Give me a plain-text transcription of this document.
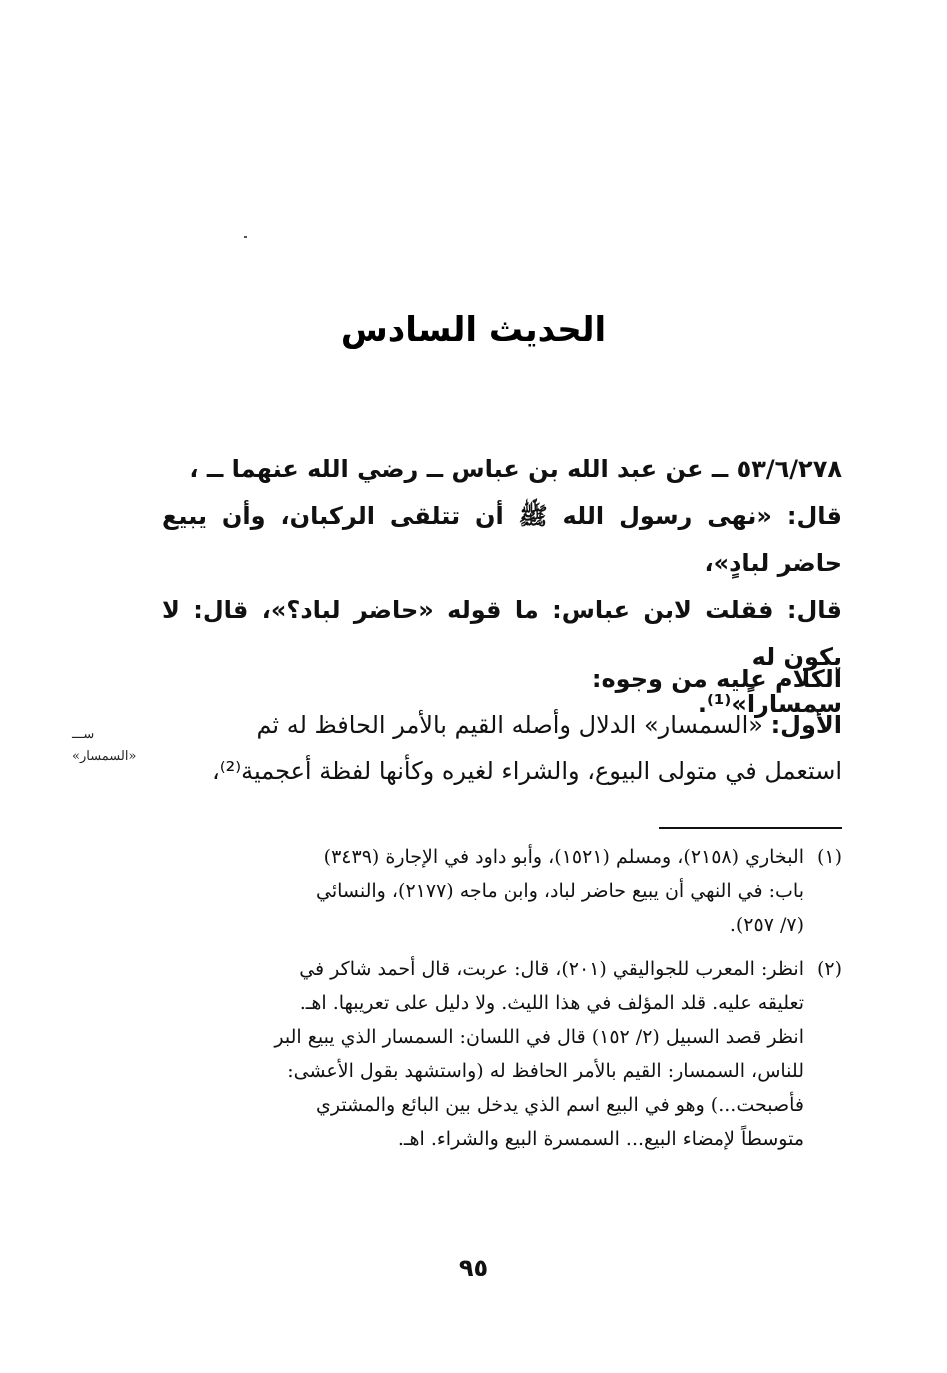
الحديث السادس

٥٣/٦/٢٧٨ ــ عن عبد الله بن عباس ــ رضي الله عنهما ــ ،

قال: «نهى رسول الله ﷺ أن تتلقى الركبان، وأن يبيع حاضر لبادٍ»،

قال: فقلت لابن عباس: ما قوله «حاضر لباد؟»، قال: لا يكون له

سمساراً»⁽¹⁾.

الكلام عليه من وجوه:

الأول: «السمسار» الدلال وأصله القيم بالأمر الحافظ له ثم

استعمل في متولى البيوع، والشراء لغيره وكأنها لفظة أعجمية⁽²⁾،

ســـ
«السمسار»
(١)
البخاري (٢١٥٨)، ومسلم (١٥٢١)، وأبو داود في الإجارة (٣٤٣٩)
باب: في النهي أن يبيع حاضر لباد، وابن ماجه (٢١٧٧)، والنسائي
(٧/ ٢٥٧).
(٢)
انظر: المعرب للجواليقي (٢٠١)، قال: عربت، قال أحمد شاكر في
تعليقه عليه. قلد المؤلف في هذا الليث. ولا دليل على تعريبها. اهـ.
انظر قصد السبيل (٢/ ١٥٢) قال في اللسان: السمسار الذي يبيع البر
للناس، السمسار: القيم بالأمر الحافظ له (واستشهد بقول الأعشى:
فأصبحت...) وهو في البيع اسم الذي يدخل بين البائع والمشتري
متوسطاً لإمضاء البيع... السمسرة البيع والشراء. اهـ.
٩٥
